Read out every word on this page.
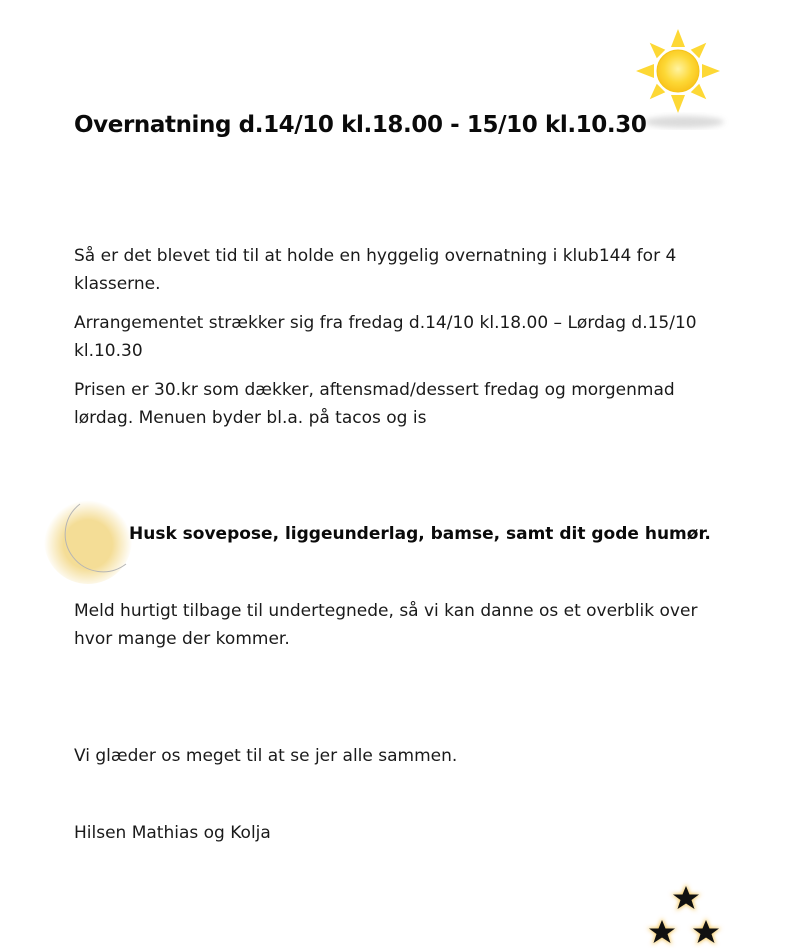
Overnatning d.14/10 kl.18.00 - 15/10 kl.10.30

Så er det blevet tid til at holde en hyggelig overnatning i klub144 for 4 klasserne.

Arrangementet strækker sig fra fredag d.14/10 kl.18.00 – Lørdag d.15/10 kl.10.30

Prisen er 30.kr som dækker, aftensmad/dessert fredag og morgenmad lørdag. Menuen byder bl.a. på tacos og is

Husk sovepose, liggeunderlag, bamse, samt dit gode humør.

Meld hurtigt tilbage til undertegnede, så vi kan danne os et overblik over hvor mange der kommer.

Vi glæder os meget til at se jer alle sammen.

Hilsen Mathias og Kolja
